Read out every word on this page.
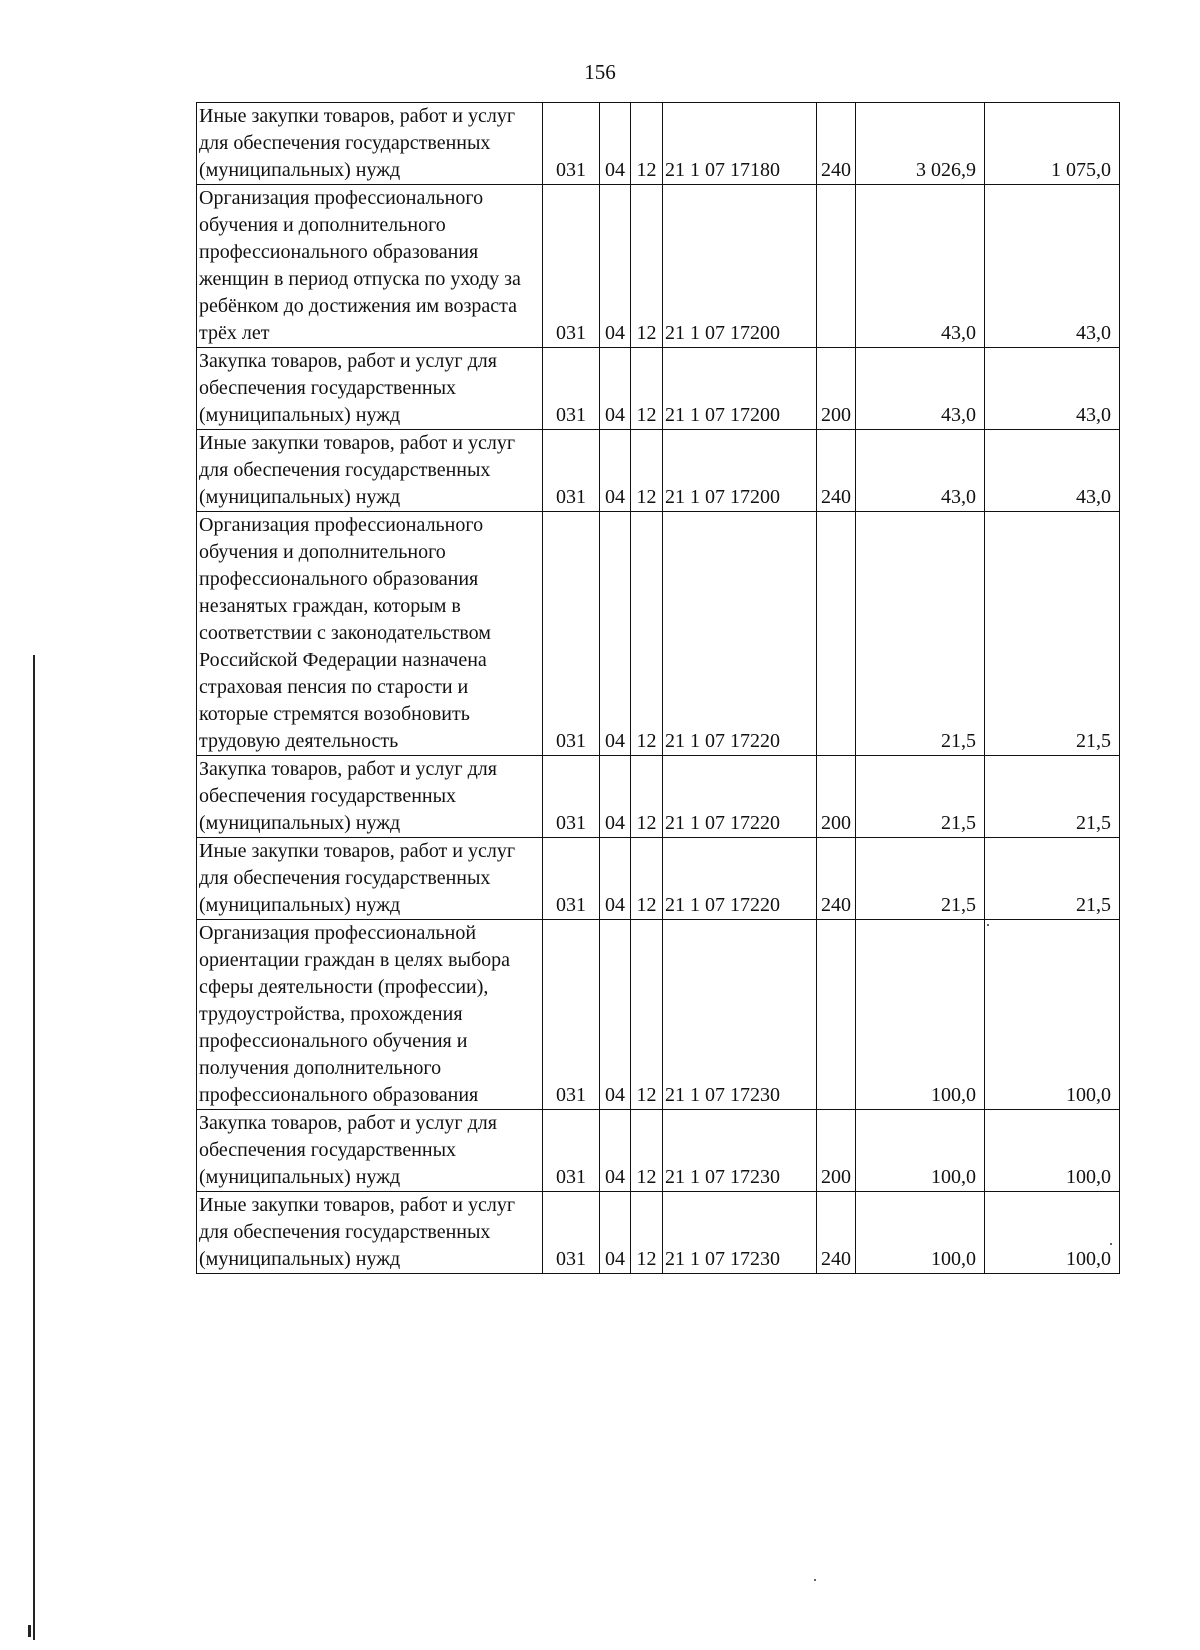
156
Иные закупки товаров, работ и услуг для обеспечения государственных (муниципальных) нужд	031	04	12	21 1 07 17180	240	3 026,9	1 075,0
Организация профессионального обучения и дополнительного профессионального образования женщин в период отпуска по уходу за ребёнком до достижения им возраста трёх лет	031	04	12	21 1 07 17200		43,0	43,0
Закупка товаров, работ и услуг для обеспечения государственных (муниципальных) нужд	031	04	12	21 1 07 17200	200	43,0	43,0
Иные закупки товаров, работ и услуг для обеспечения государственных (муниципальных) нужд	031	04	12	21 1 07 17200	240	43,0	43,0
Организация профессионального обучения и дополнительного профессионального образования незанятых граждан, которым в соответствии с законодательством Российской Федерации назначена страховая пенсия по старости и которые стремятся возобновить трудовую деятельность	031	04	12	21 1 07 17220		21,5	21,5
Закупка товаров, работ и услуг для обеспечения государственных (муниципальных) нужд	031	04	12	21 1 07 17220	200	21,5	21,5
Иные закупки товаров, работ и услуг для обеспечения государственных (муниципальных) нужд	031	04	12	21 1 07 17220	240	21,5	21,5
Организация профессиональной ориентации граждан в целях выбора сферы деятельности (профессии), трудоустройства, прохождения профессионального обучения и получения дополнительного профессионального образования	031	04	12	21 1 07 17230		100,0	100,0
Закупка товаров, работ и услуг для обеспечения государственных (муниципальных) нужд	031	04	12	21 1 07 17230	200	100,0	100,0
Иные закупки товаров, работ и услуг для обеспечения государственных (муниципальных) нужд	031	04	12	21 1 07 17230	240	100,0	100,0
